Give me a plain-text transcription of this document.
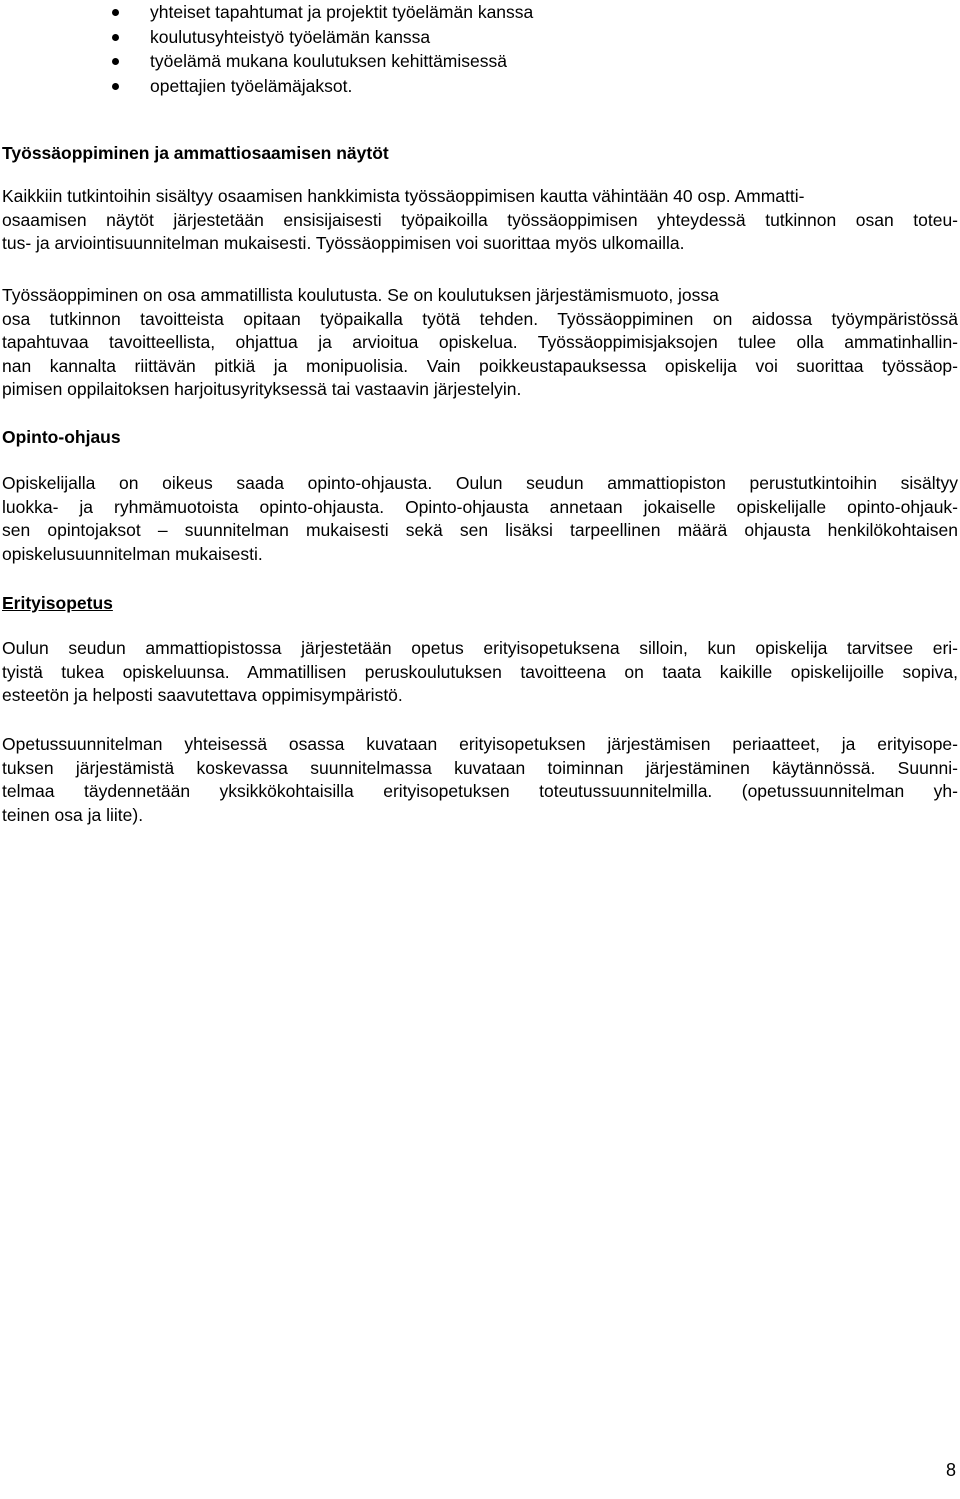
yhteiset tapahtumat ja projektit työelämän kanssa
koulutusyhteistyö työelämän kanssa
työelämä mukana koulutuksen kehittämisessä
opettajien työelämäjaksot.
Työssäoppiminen ja ammattiosaamisen näytöt
Kaikkiin tutkintoihin sisältyy osaamisen hankkimista työssäoppimisen kautta vähintään 40 osp. Ammatti-
osaamisen näytöt järjestetään ensisijaisesti työpaikoilla työssäoppimisen yhteydessä tutkinnon osan toteu-
tus- ja arviointisuunnitelman mukaisesti. Työssäoppimisen voi suorittaa myös ulkomailla.
Työssäoppiminen on osa ammatillista koulutusta. Se on koulutuksen järjestämismuoto, jossa
osa tutkinnon tavoitteista opitaan työpaikalla työtä tehden. Työssäoppiminen on aidossa työympäristössä
tapahtuvaa tavoitteellista, ohjattua ja arvioitua opiskelua. Työssäoppimisjaksojen tulee olla ammatinhallin-
nan kannalta riittävän pitkiä ja monipuolisia. Vain poikkeustapauksessa opiskelija voi suorittaa työssäop-
pimisen oppilaitoksen harjoitusyrityksessä tai vastaavin järjestelyin.
Opinto-ohjaus
Opiskelijalla on oikeus saada opinto-ohjausta. Oulun seudun ammattiopiston perustutkintoihin sisältyy
luokka- ja ryhmämuotoista opinto-ohjausta. Opinto-ohjausta annetaan jokaiselle opiskelijalle opinto-ohjauk-
sen opintojaksot – suunnitelman mukaisesti sekä sen lisäksi tarpeellinen määrä ohjausta henkilökohtaisen
opiskelusuunnitelman mukaisesti.
Erityisopetus
Oulun seudun ammattiopistossa järjestetään opetus erityisopetuksena silloin, kun opiskelija tarvitsee eri-
tyistä tukea opiskeluunsa. Ammatillisen peruskoulutuksen tavoitteena on taata kaikille opiskelijoille sopiva,
esteetön ja helposti saavutettava oppimisympäristö.
Opetussuunnitelman yhteisessä osassa kuvataan erityisopetuksen järjestämisen periaatteet, ja erityisope-
tuksen järjestämistä koskevassa suunnitelmassa kuvataan toiminnan järjestäminen käytännössä. Suunni-
telmaa täydennetään yksikkökohtaisilla erityisopetuksen toteutussuunnitelmilla. (opetussuunnitelman yh-
teinen osa ja liite).
8
